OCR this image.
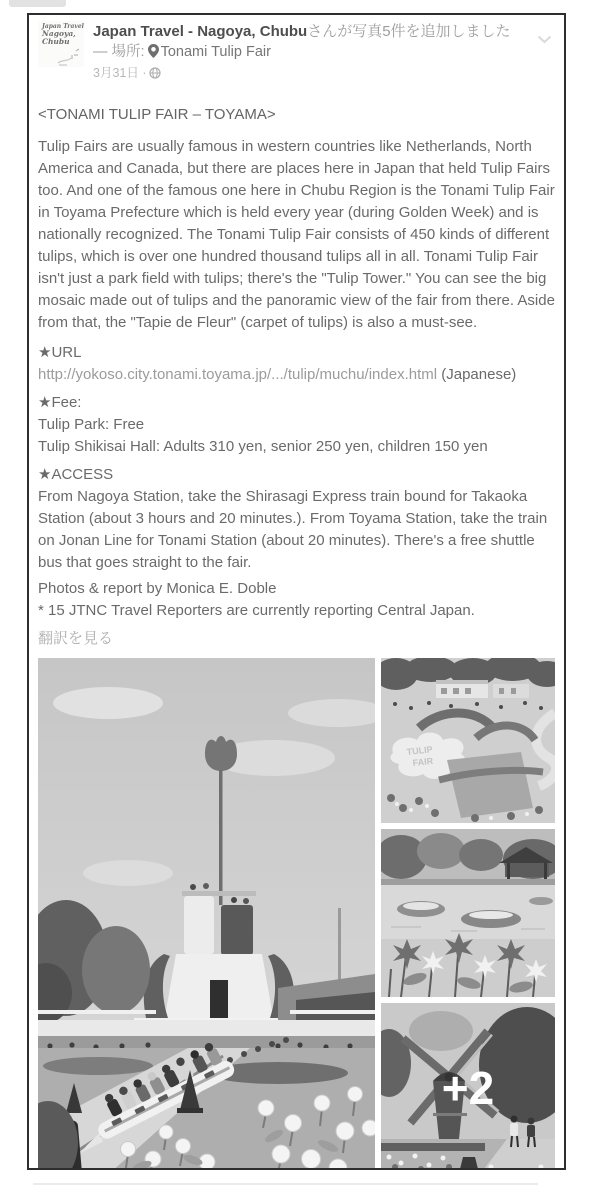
Japan Travel
Nagoya,
Chubu
Japan Travel - Nagoya, Chubuさんが写真5件を追加しました
— 場所: Tonami Tulip Fair
3月31日 ·
<TONAMI TULIP FAIR – TOYAMA>
Tulip Fairs are usually famous in western countries like Netherlands, North America and Canada, but there are places here in Japan that held Tulip Fairs too. And one of the famous one here in Chubu Region is the Tonami Tulip Fair in Toyama Prefecture which is held every year (during Golden Week) and is nationally recognized. The Tonami Tulip Fair consists of 450 kinds of different tulips, which is over one hundred thousand tulips all in all. Tonami Tulip Fair isn't just a park field with tulips; there's the "Tulip Tower." You can see the big mosaic made out of tulips and the panoramic view of the fair from there. Aside from that, the "Tapie de Fleur" (carpet of tulips) is also a must-see.
★URL
http://yokoso.city.tonami.toyama.jp/.../tulip/muchu/index.html (Japanese)
★Fee:
Tulip Park: Free
Tulip Shikisai Hall: Adults 310 yen, senior 250 yen, children 150 yen
★ACCESS
From Nagoya Station, take the Shirasagi Express train bound for Takaoka Station (about 3 hours and 20 minutes.). From Toyama Station, take the train on Jonan Line for Tonami Station (about 20 minutes). There's a free shuttle bus that goes straight to the fair.
Photos & report by Monica E. Doble
* 15 JTNC Travel Reporters are currently reporting Central Japan.
翻訳を見る
TULIP
FAIR
+2
